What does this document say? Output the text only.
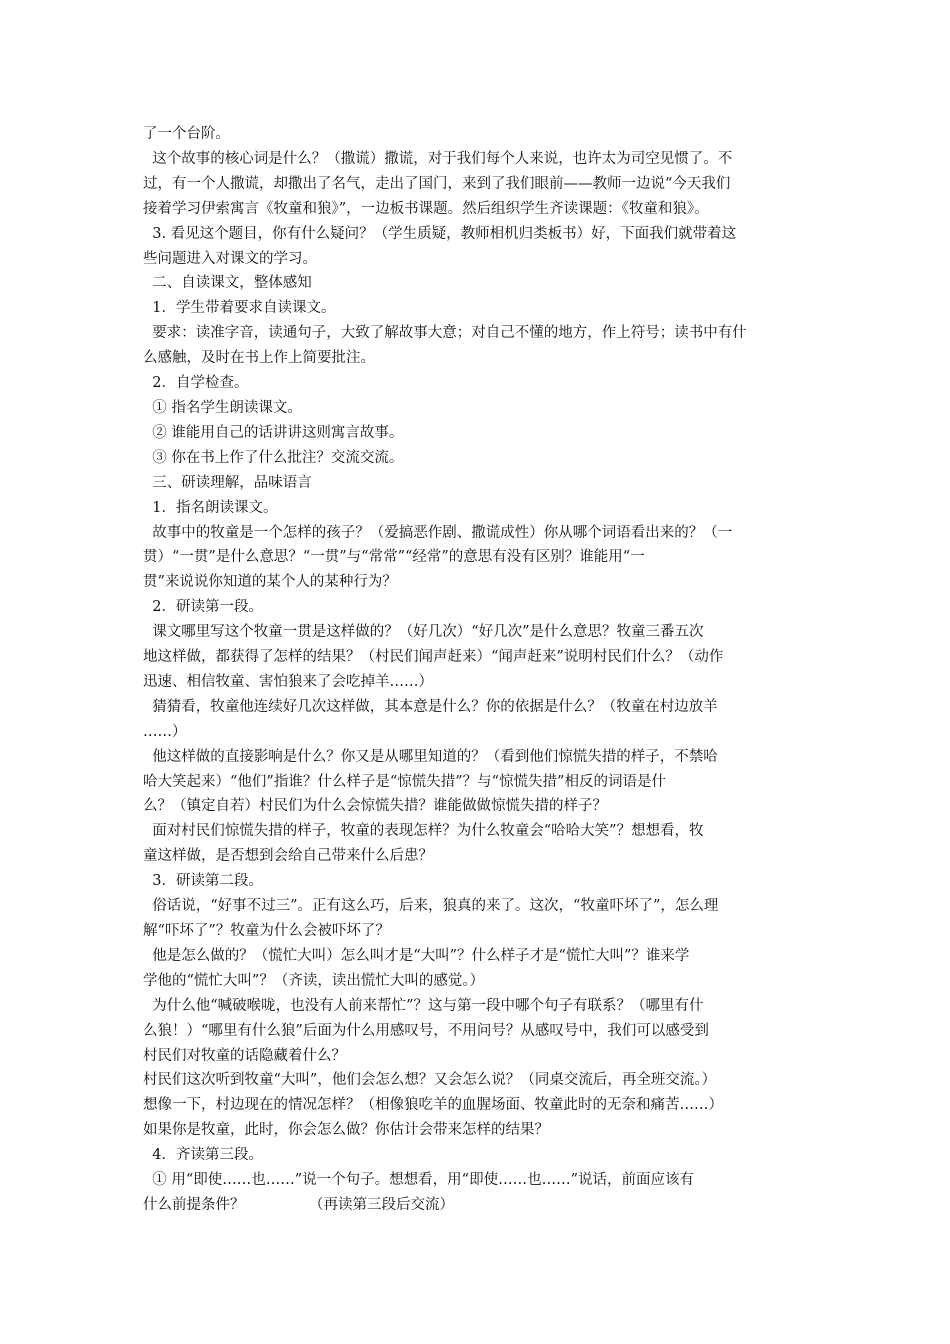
了一个台阶。
这个故事的核心词是什么？（撒谎）撒谎，对于我们每个人来说，也许太为司空见惯了。不
过，有一个人撒谎，却撒出了名气，走出了国门，来到了我们眼前——教师一边说“今天我们
接着学习伊索寓言《牧童和狼》”，一边板书课题。然后组织学生齐读课题：《牧童和狼》。
3. 看见这个题目，你有什么疑问？（学生质疑，教师相机归类板书）好，下面我们就带着这
些问题进入对课文的学习。
二、自读课文，整体感知
1．学生带着要求自读课文。
要求：读准字音，读通句子，大致了解故事大意；对自己不懂的地方，作上符号；读书中有什
么感触，及时在书上作上简要批注。
2．自学检查。
① 指名学生朗读课文。
② 谁能用自己的话讲讲这则寓言故事。
③ 你在书上作了什么批注？交流交流。
三、研读理解，品味语言
1．指名朗读课文。
故事中的牧童是一个怎样的孩子？（爱搞恶作剧、撒谎成性）你从哪个词语看出来的？（一
贯）“一贯”是什么意思？“一贯”与“常常”“经常”的意思有没有区别？谁能用“一
贯”来说说你知道的某个人的某种行为？
2．研读第一段。
课文哪里写这个牧童一贯是这样做的？（好几次）“好几次”是什么意思？牧童三番五次
地这样做，都获得了怎样的结果？（村民们闻声赶来）“闻声赶来”说明村民们什么？（动作
迅速、相信牧童、害怕狼来了会吃掉羊……）
猜猜看，牧童他连续好几次这样做，其本意是什么？你的依据是什么？（牧童在村边放羊
……）
他这样做的直接影响是什么？你又是从哪里知道的？（看到他们惊慌失措的样子，不禁哈
哈大笑起来）“他们”指谁？什么样子是“惊慌失措”？与“惊慌失措”相反的词语是什
么？（镇定自若）村民们为什么会惊慌失措？谁能做做惊慌失措的样子？
面对村民们惊慌失措的样子，牧童的表现怎样？为什么牧童会“哈哈大笑”？想想看，牧
童这样做，是否想到会给自己带来什么后患？
3．研读第二段。
俗话说，“好事不过三”。正有这么巧，后来，狼真的来了。这次，“牧童吓坏了”，怎么理
解“吓坏了”？牧童为什么会被吓坏了？
他是怎么做的？（慌忙大叫）怎么叫才是“大叫”？什么样子才是“慌忙大叫”？谁来学
学他的“慌忙大叫”？（齐读，读出慌忙大叫的感觉。）
为什么他“喊破喉咙，也没有人前来帮忙”？这与第一段中哪个句子有联系？（哪里有什
么狼！）“哪里有什么狼”后面为什么用感叹号，不用问号？从感叹号中，我们可以感受到
村民们对牧童的话隐藏着什么？
村民们这次听到牧童“大叫”，他们会怎么想？又会怎么说？（同桌交流后，再全班交流。）
想像一下，村边现在的情况怎样？（相像狼吃羊的血腥场面、牧童此时的无奈和痛苦……）
如果你是牧童，此时，你会怎么做？你估计会带来怎样的结果？
4．齐读第三段。
① 用“即使……也……”说一个句子。想想看，用“即使……也……”说话，前面应该有
什么前提条件？              （再读第三段后交流）
